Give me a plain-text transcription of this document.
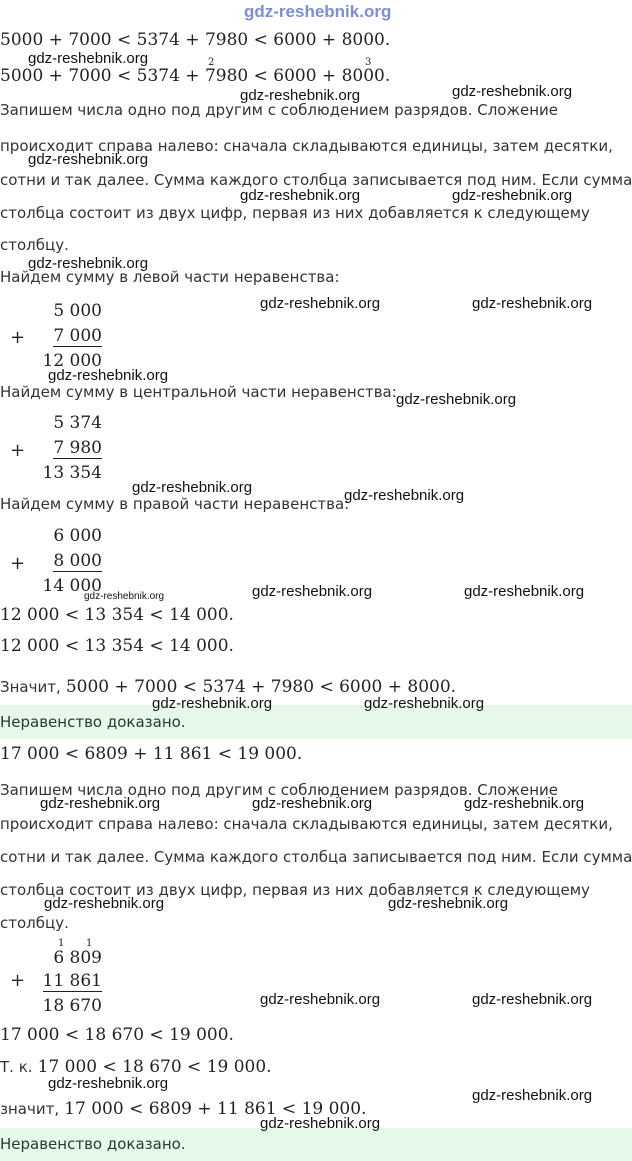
gdz-reshebnik.org
5000 + 7000 < 5374 + 7980 < 6000 + 8000.
5000 + 7000 < 5374 + 7980 < 6000 + 8000.
2	3
Запишем числа одно под другим с соблюдением разрядов. Сложение
происходит справа налево: сначала складываются единицы, затем десятки,
сотни и так далее. Сумма каждого столбца записывается под ним. Если сумма
столбца состоит из двух цифр, первая из них добавляется к следующему
столбцу.
Найдем сумму в левой части неравенства:
5 000
+	7 000
12 000
Найдем сумму в центральной части неравенства:
5 374
+	7 980
13 354
Найдем сумму в правой части неравенства:
6 000
+	8 000
14 000
12 000 < 13 354 < 14 000.
12 000 < 13 354 < 14 000.
Значит, 5000 + 7000 < 5374 + 7980 < 6000 + 8000.
Неравенство доказано.
17 000 < 6809 + 11 861 < 19 000.
Запишем числа одно под другим с соблюдением разрядов. Сложение
происходит справа налево: сначала складываются единицы, затем десятки,
сотни и так далее. Сумма каждого столбца записывается под ним. Если сумма
столбца состоит из двух цифр, первая из них добавляется к следующему
столбцу.
1 1
6 809
+	11 861
18 670
17 000 < 18 670 < 19 000.
Т. к. 17 000 < 18 670 < 19 000.
значит, 17 000 < 6809 + 11 861 < 19 000.
Неравенство доказано.
gdz-reshebnik.org
gdz-reshebnik.org	gdz-reshebnik.org
gdz-reshebnik.org
gdz-reshebnik.org	gdz-reshebnik.org
gdz-reshebnik.org
gdz-reshebnik.org	gdz-reshebnik.org
gdz-reshebnik.org
gdz-reshebnik.org
gdz-reshebnik.org	gdz-reshebnik.org
gdz-reshebnik.org	gdz-reshebnik.org	gdz-reshebnik.org
gdz-reshebnik.org	gdz-reshebnik.org
gdz-reshebnik.org	gdz-reshebnik.org	gdz-reshebnik.org
gdz-reshebnik.org	gdz-reshebnik.org
gdz-reshebnik.org	gdz-reshebnik.org
gdz-reshebnik.org
gdz-reshebnik.org
gdz-reshebnik.org
